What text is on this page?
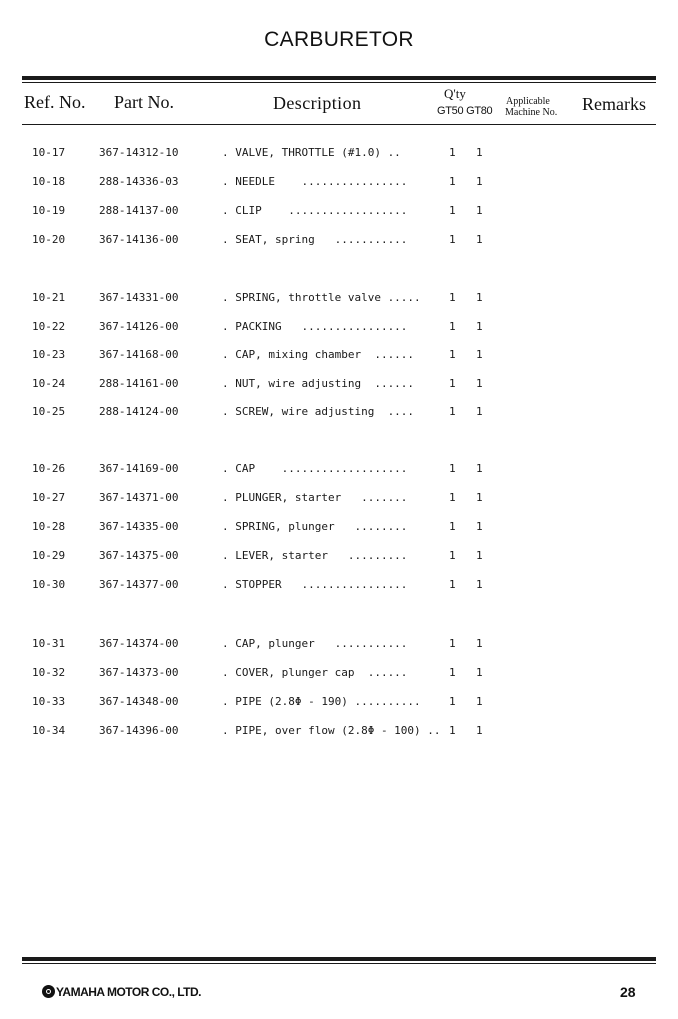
CARBURETOR
Ref. No. Part No.	Description	Q'ty
GT50 GT80
Applicable
Machine No. Remarks
10-17	367-14312-10	. VALVE, THROTTLE (#1.0) ..	1 1
10-18	288-14336-03	. NEEDLE    ................	1 1
10-19	288-14137-00	. CLIP    ..................	1 1
10-20	367-14136-00	. SEAT, spring   ...........	1 1
10-21	367-14331-00	. SPRING, throttle valve .....	1 1
10-22	367-14126-00	. PACKING   ................	1 1
10-23	367-14168-00	. CAP, mixing chamber  ......	1 1
10-24	288-14161-00	. NUT, wire adjusting  ......	1 1
10-25	288-14124-00	. SCREW, wire adjusting  ....	1 1
10-26	367-14169-00	. CAP    ...................	1 1
10-27	367-14371-00	. PLUNGER, starter   .......	1 1
10-28	367-14335-00	. SPRING, plunger   ........	1 1
10-29	367-14375-00	. LEVER, starter   .........	1 1
10-30	367-14377-00	. STOPPER   ................	1 1
10-31	367-14374-00	. CAP, plunger   ...........	1 1
10-32	367-14373-00	. COVER, plunger cap  ......	1 1
10-33	367-14348-00	. PIPE (2.8Φ - 190) ..........	1 1
10-34	367-14396-00	. PIPE, over flow (2.8Φ - 100) .. 1 1
YAMAHA MOTOR CO., LTD.	28
